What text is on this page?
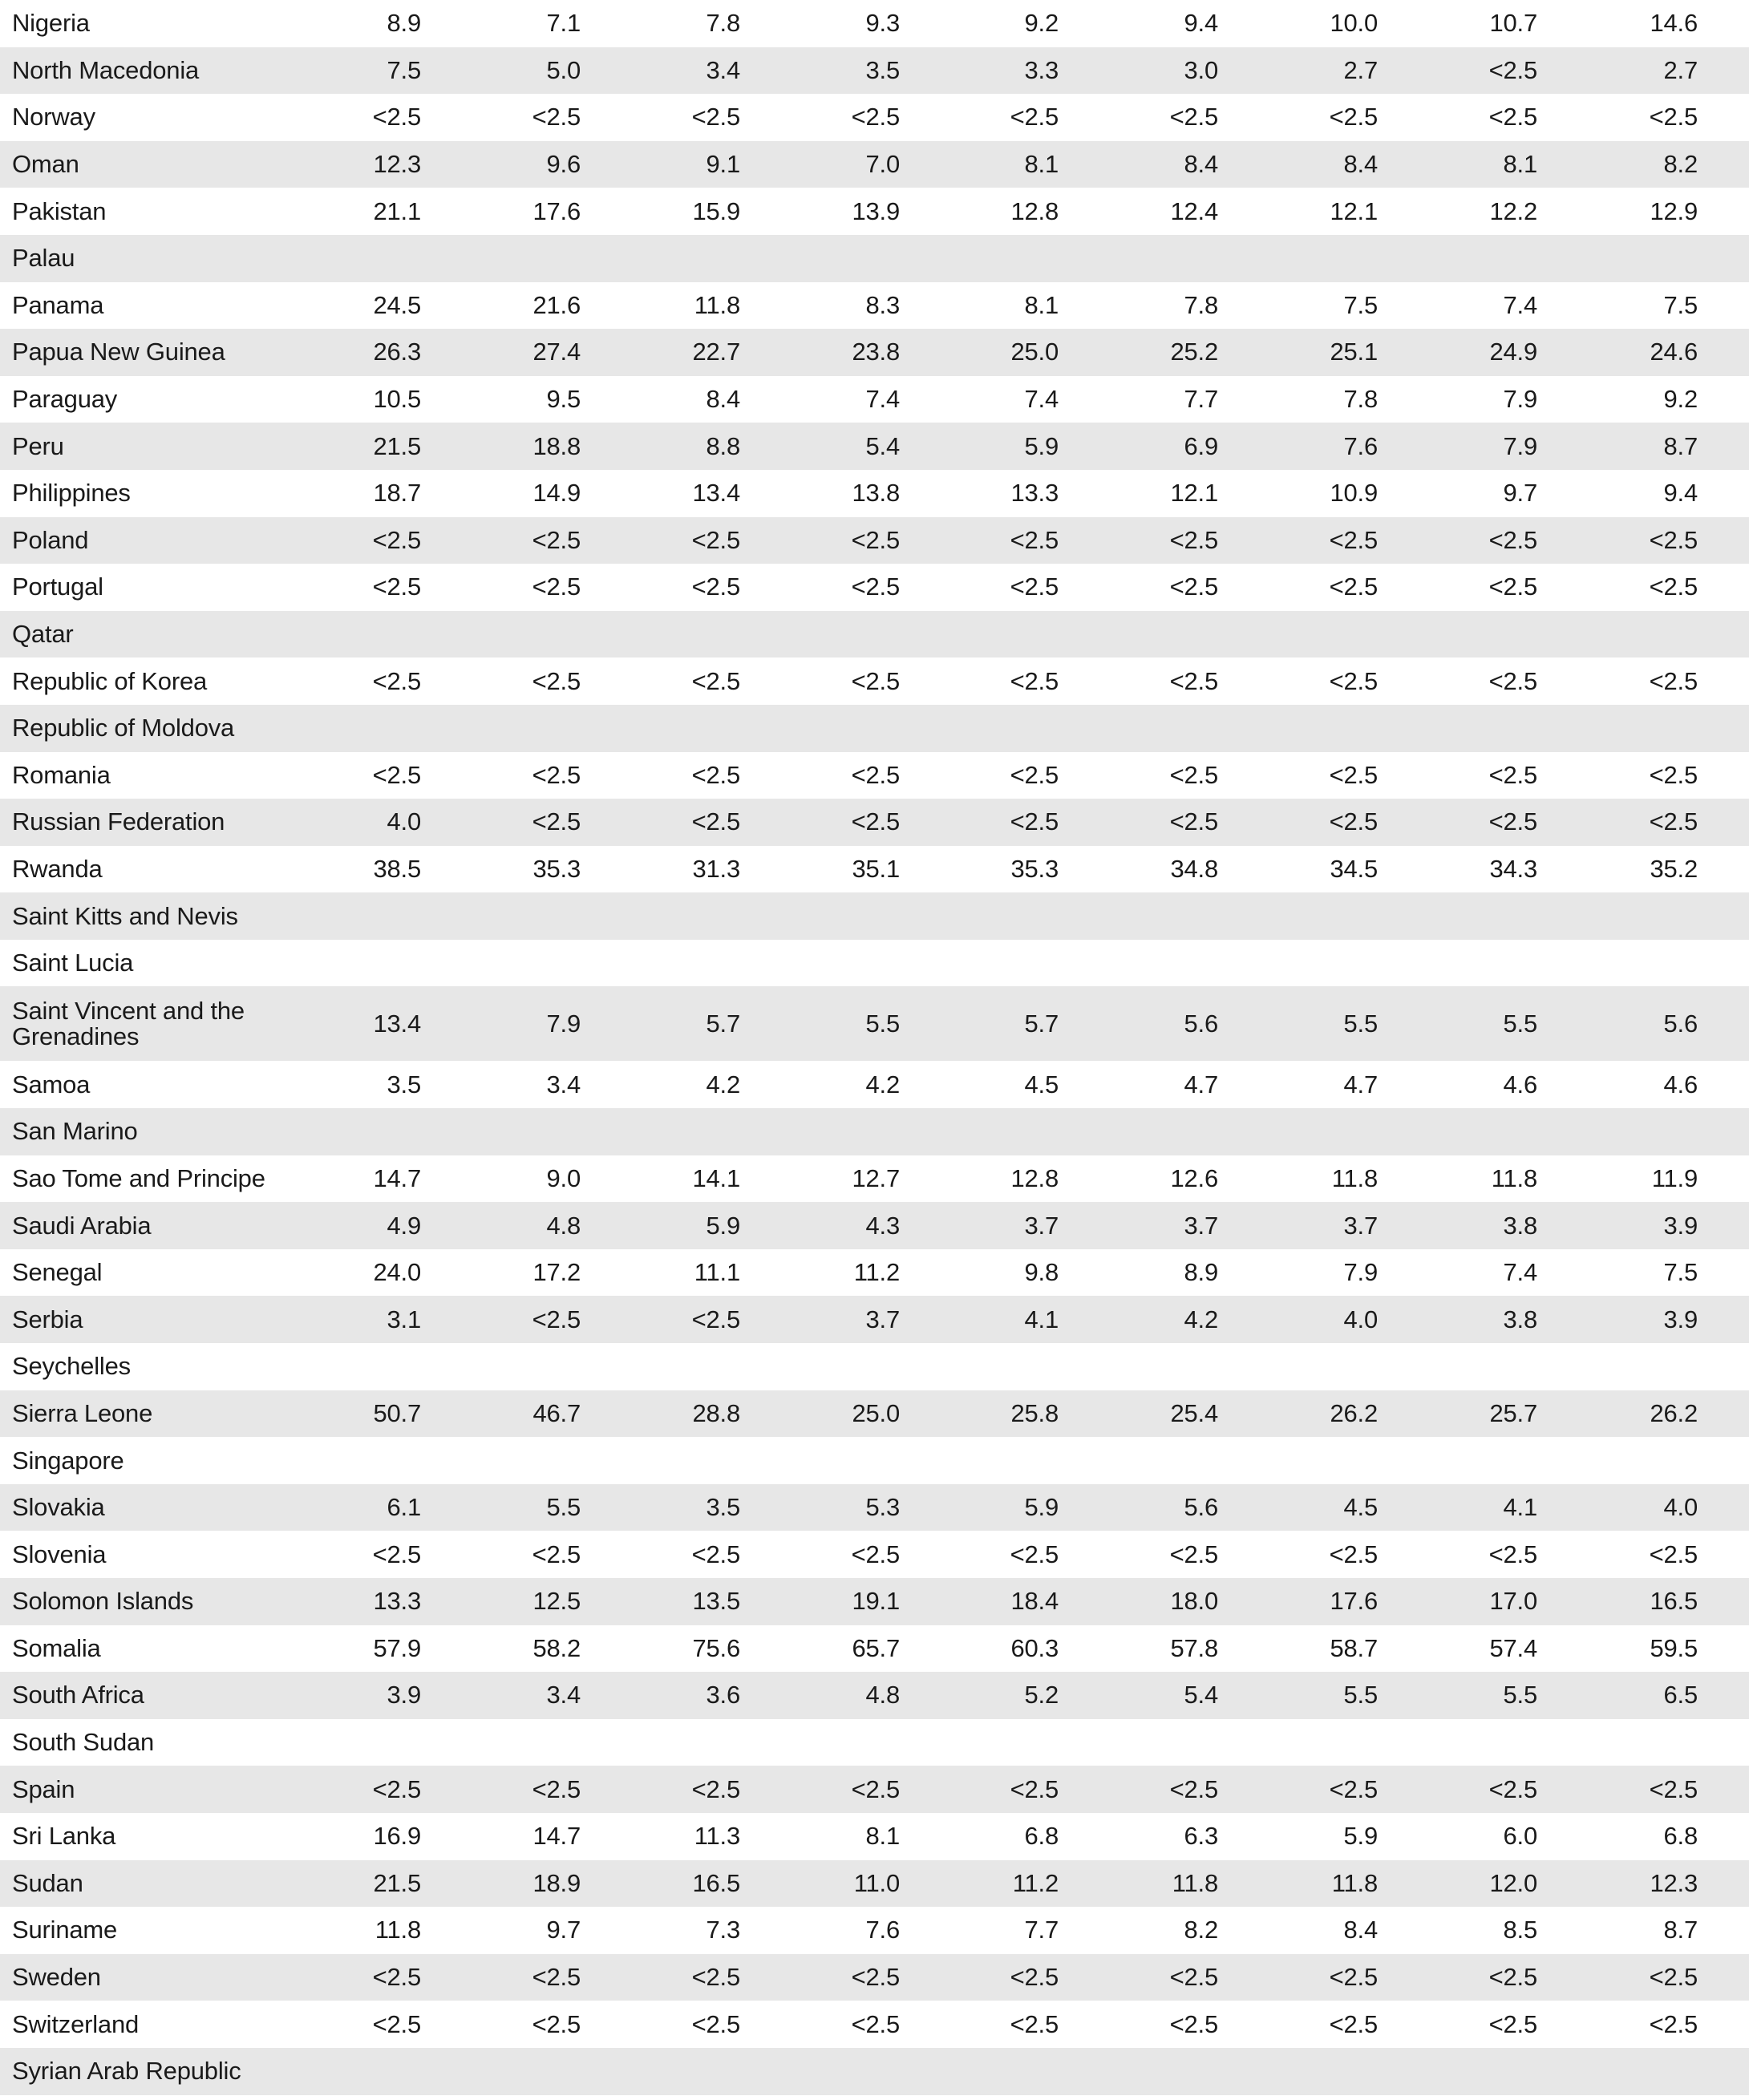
Nigeria	8.9	7.1	7.8	9.3	9.2	9.4	10.0	10.7	14.6
North Macedonia	7.5	5.0	3.4	3.5	3.3	3.0	2.7	<2.5	2.7
Norway	<2.5	<2.5	<2.5	<2.5	<2.5	<2.5	<2.5	<2.5	<2.5
Oman	12.3	9.6	9.1	7.0	8.1	8.4	8.4	8.1	8.2
Pakistan	21.1	17.6	15.9	13.9	12.8	12.4	12.1	12.2	12.9
Palau
Panama	24.5	21.6	11.8	8.3	8.1	7.8	7.5	7.4	7.5
Papua New Guinea	26.3	27.4	22.7	23.8	25.0	25.2	25.1	24.9	24.6
Paraguay	10.5	9.5	8.4	7.4	7.4	7.7	7.8	7.9	9.2
Peru	21.5	18.8	8.8	5.4	5.9	6.9	7.6	7.9	8.7
Philippines	18.7	14.9	13.4	13.8	13.3	12.1	10.9	9.7	9.4
Poland	<2.5	<2.5	<2.5	<2.5	<2.5	<2.5	<2.5	<2.5	<2.5
Portugal	<2.5	<2.5	<2.5	<2.5	<2.5	<2.5	<2.5	<2.5	<2.5
Qatar
Republic of Korea	<2.5	<2.5	<2.5	<2.5	<2.5	<2.5	<2.5	<2.5	<2.5
Republic of Moldova
Romania	<2.5	<2.5	<2.5	<2.5	<2.5	<2.5	<2.5	<2.5	<2.5
Russian Federation	4.0	<2.5	<2.5	<2.5	<2.5	<2.5	<2.5	<2.5	<2.5
Rwanda	38.5	35.3	31.3	35.1	35.3	34.8	34.5	34.3	35.2
Saint Kitts and Nevis
Saint Lucia
Saint Vincent and the Grenadines	13.4	7.9	5.7	5.5	5.7	5.6	5.5	5.5	5.6
Samoa	3.5	3.4	4.2	4.2	4.5	4.7	4.7	4.6	4.6
San Marino
Sao Tome and Principe	14.7	9.0	14.1	12.7	12.8	12.6	11.8	11.8	11.9
Saudi Arabia	4.9	4.8	5.9	4.3	3.7	3.7	3.7	3.8	3.9
Senegal	24.0	17.2	11.1	11.2	9.8	8.9	7.9	7.4	7.5
Serbia	3.1	<2.5	<2.5	3.7	4.1	4.2	4.0	3.8	3.9
Seychelles
Sierra Leone	50.7	46.7	28.8	25.0	25.8	25.4	26.2	25.7	26.2
Singapore
Slovakia	6.1	5.5	3.5	5.3	5.9	5.6	4.5	4.1	4.0
Slovenia	<2.5	<2.5	<2.5	<2.5	<2.5	<2.5	<2.5	<2.5	<2.5
Solomon Islands	13.3	12.5	13.5	19.1	18.4	18.0	17.6	17.0	16.5
Somalia	57.9	58.2	75.6	65.7	60.3	57.8	58.7	57.4	59.5
South Africa	3.9	3.4	3.6	4.8	5.2	5.4	5.5	5.5	6.5
South Sudan
Spain	<2.5	<2.5	<2.5	<2.5	<2.5	<2.5	<2.5	<2.5	<2.5
Sri Lanka	16.9	14.7	11.3	8.1	6.8	6.3	5.9	6.0	6.8
Sudan	21.5	18.9	16.5	11.0	11.2	11.8	11.8	12.0	12.3
Suriname	11.8	9.7	7.3	7.6	7.7	8.2	8.4	8.5	8.7
Sweden	<2.5	<2.5	<2.5	<2.5	<2.5	<2.5	<2.5	<2.5	<2.5
Switzerland	<2.5	<2.5	<2.5	<2.5	<2.5	<2.5	<2.5	<2.5	<2.5
Syrian Arab Republic
